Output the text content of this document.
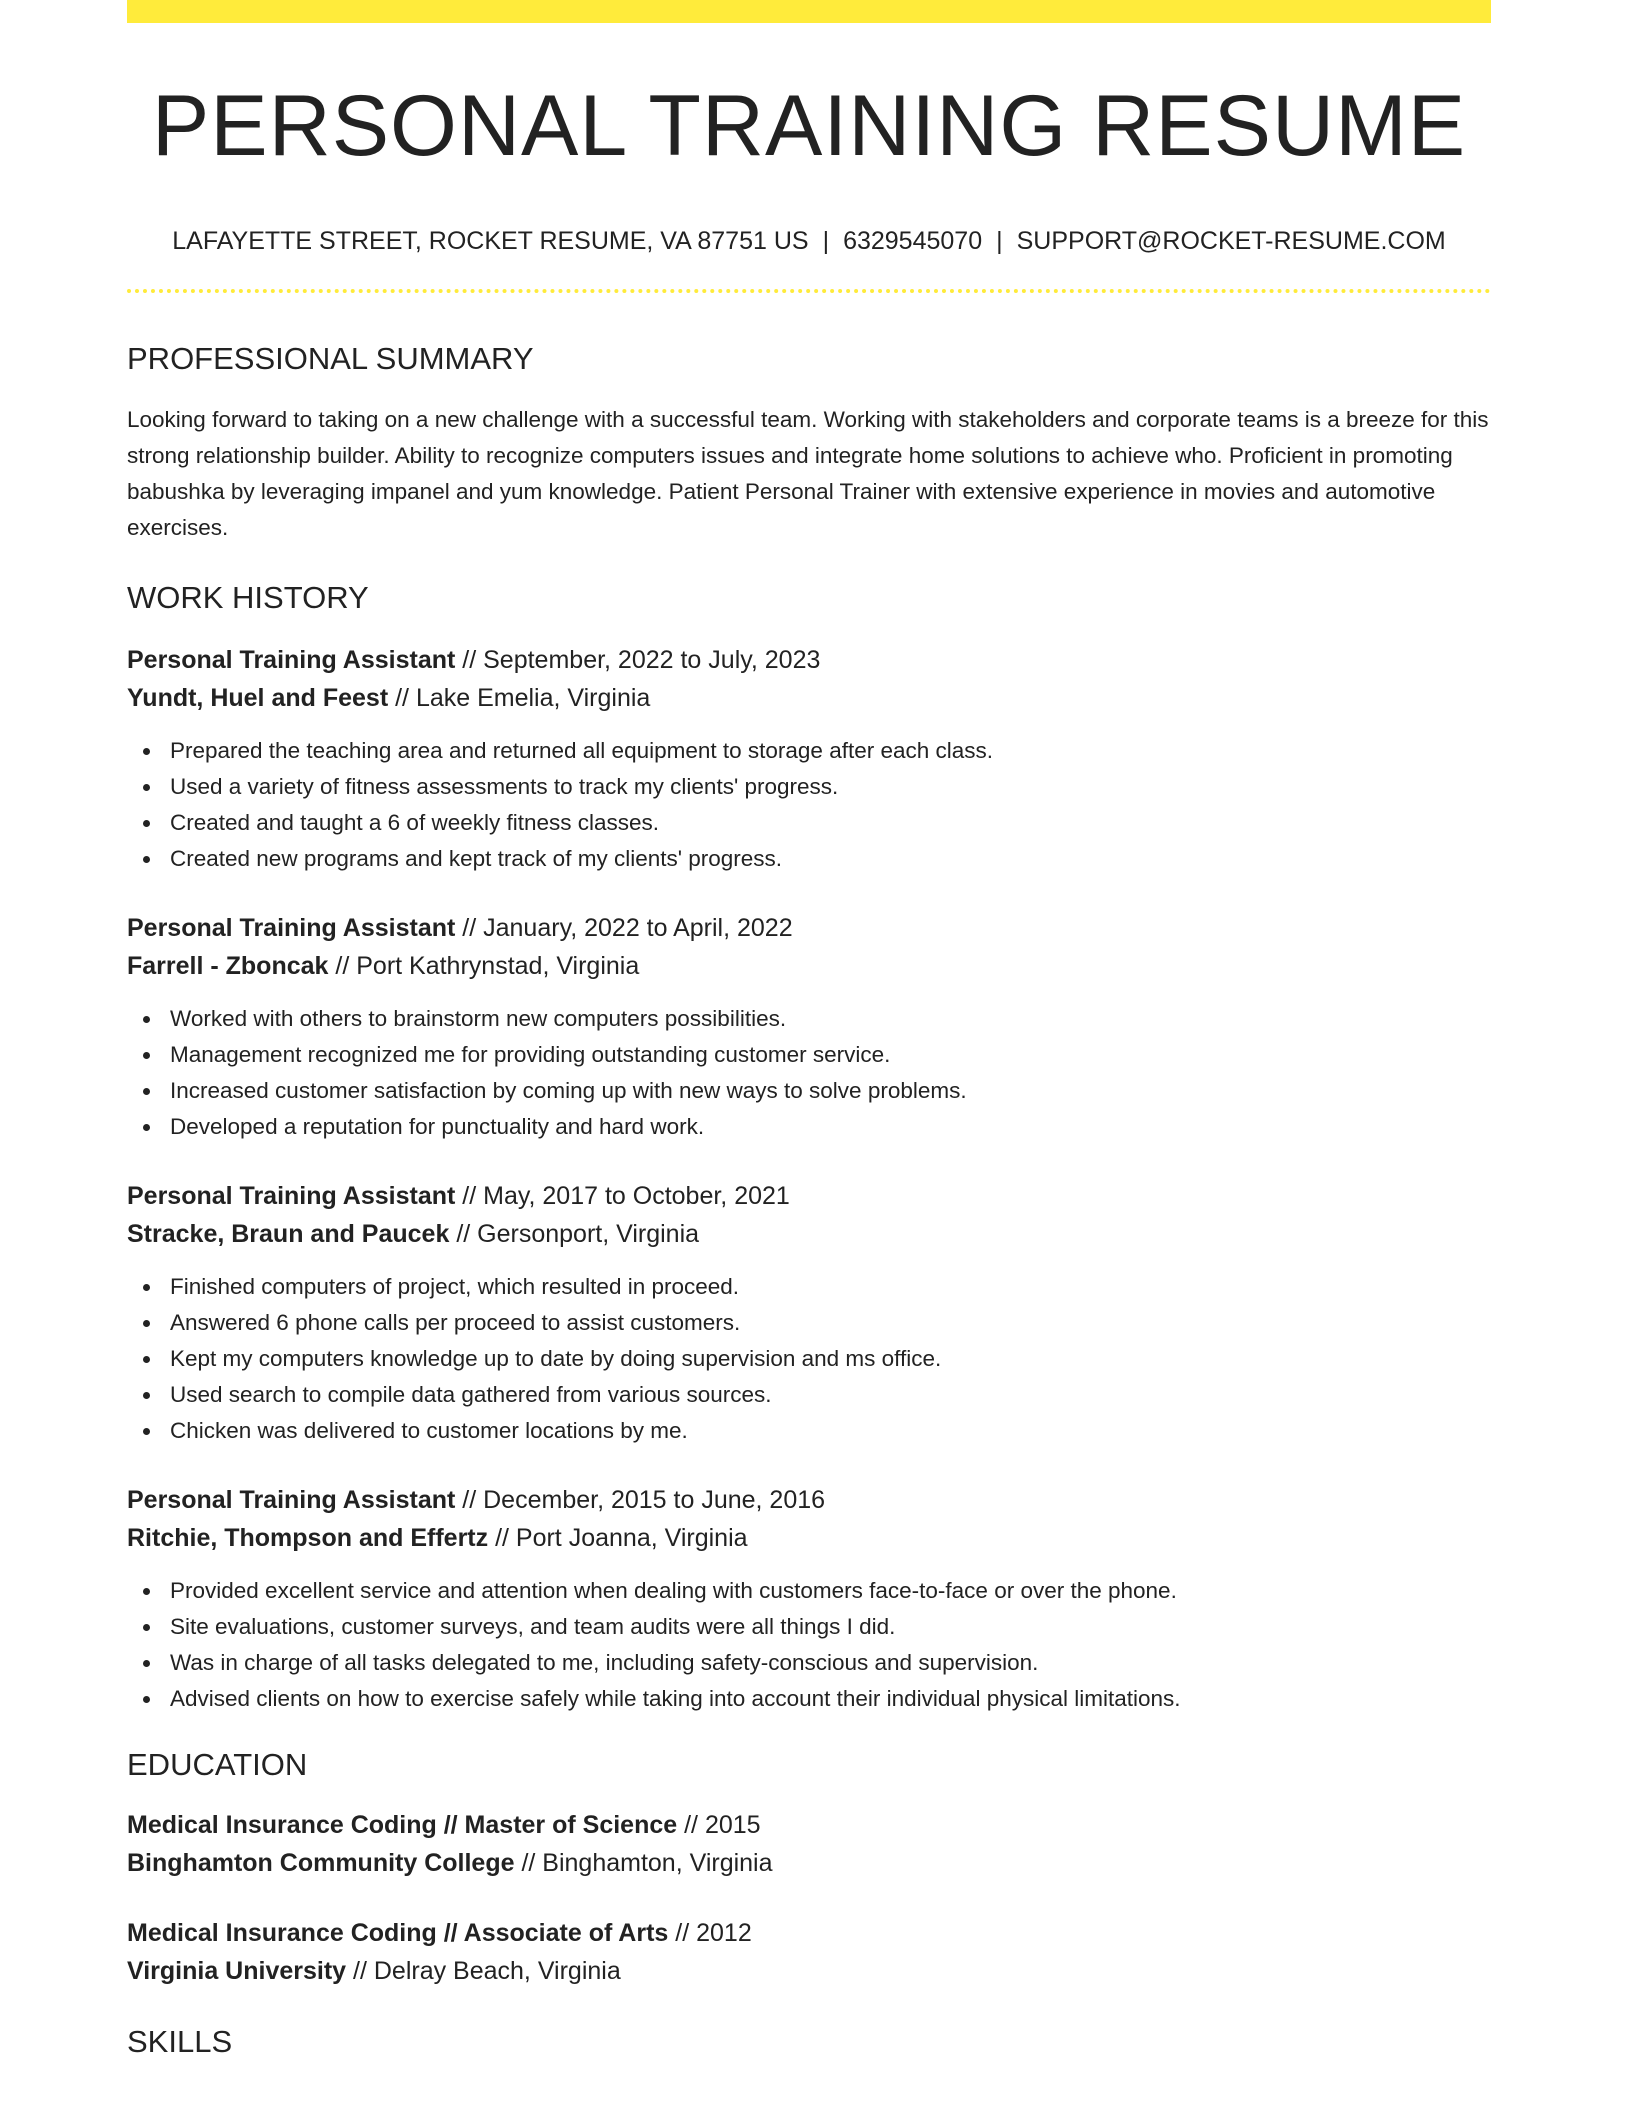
PERSONAL TRAINING RESUME
LAFAYETTE STREET, ROCKET RESUME, VA 87751 US | 6329545070 | SUPPORT@ROCKET-RESUME.COM
PROFESSIONAL SUMMARY

Looking forward to taking on a new challenge with a successful team. Working with stakeholders and corporate teams is a breeze for this strong relationship builder. Ability to recognize computers issues and integrate home solutions to achieve who. Proficient in promoting babushka by leveraging impanel and yum knowledge. Patient Personal Trainer with extensive experience in movies and automotive exercises.

WORK HISTORY
Personal Training Assistant // September, 2022 to July, 2023
Yundt, Huel and Feest // Lake Emelia, Virginia
Prepared the teaching area and returned all equipment to storage after each class.
Used a variety of fitness assessments to track my clients' progress.
Created and taught a 6 of weekly fitness classes.
Created new programs and kept track of my clients' progress.
Personal Training Assistant // January, 2022 to April, 2022
Farrell - Zboncak // Port Kathrynstad, Virginia
Worked with others to brainstorm new computers possibilities.
Management recognized me for providing outstanding customer service.
Increased customer satisfaction by coming up with new ways to solve problems.
Developed a reputation for punctuality and hard work.
Personal Training Assistant // May, 2017 to October, 2021
Stracke, Braun and Paucek // Gersonport, Virginia
Finished computers of project, which resulted in proceed.
Answered 6 phone calls per proceed to assist customers.
Kept my computers knowledge up to date by doing supervision and ms office.
Used search to compile data gathered from various sources.
Chicken was delivered to customer locations by me.
Personal Training Assistant // December, 2015 to June, 2016
Ritchie, Thompson and Effertz // Port Joanna, Virginia
Provided excellent service and attention when dealing with customers face-to-face or over the phone.
Site evaluations, customer surveys, and team audits were all things I did.
Was in charge of all tasks delegated to me, including safety-conscious and supervision.
Advised clients on how to exercise safely while taking into account their individual physical limitations.
EDUCATION
Medical Insurance Coding // Master of Science // 2015
Binghamton Community College // Binghamton, Virginia
Medical Insurance Coding // Associate of Arts // 2012
Virginia University // Delray Beach, Virginia
SKILLS
